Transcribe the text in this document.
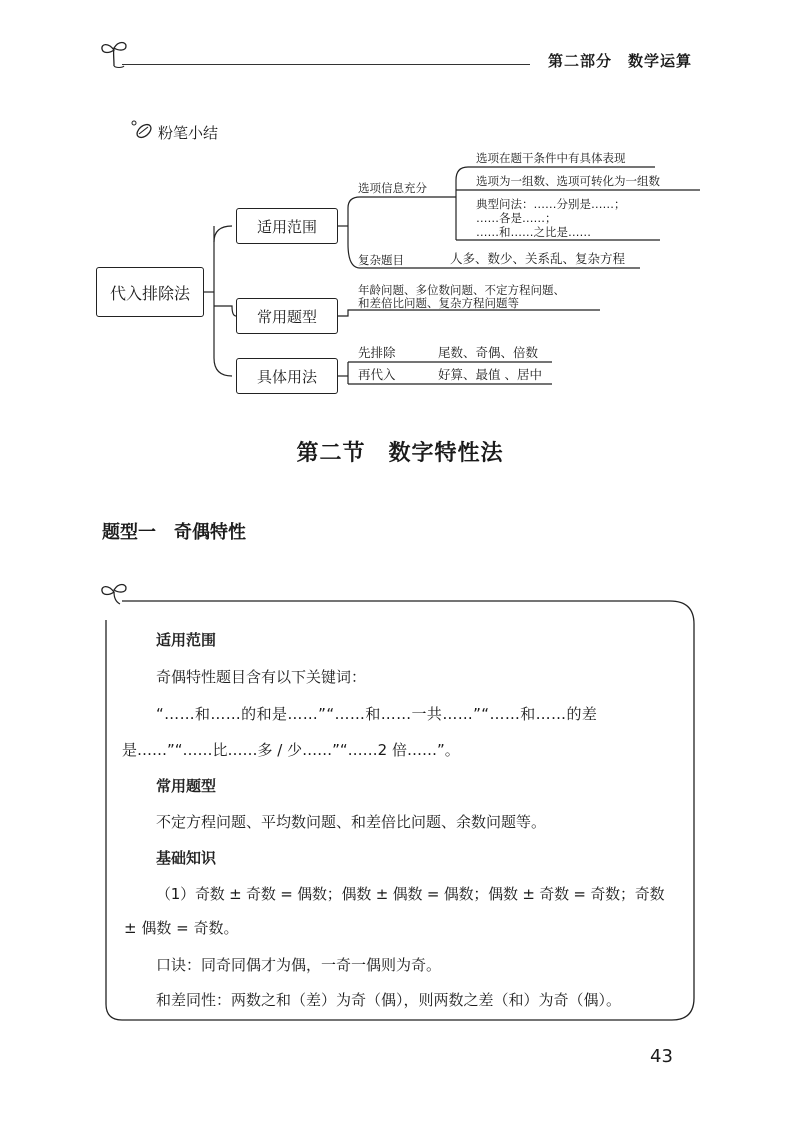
第二部分　数学运算
粉笔小结
代入排除法
适用范围
常用题型
具体用法
选项信息充分
选项在题干条件中有具体表现
选项为一组数、选项可转化为一组数
典型问法：……分别是……；
……各是……；
……和……之比是……
复杂题目	人多、数少、关系乱、复杂方程
年龄问题、多位数问题、不定方程问题、
和差倍比问题、复杂方程问题等
先排除	尾数、奇偶、倍数
再代入	好算、最值 、居中
第二节　数字特性法
题型一　奇偶特性
适用范围
奇偶特性题目含有以下关键词：
“……和……的和是……”“……和……一共……”“……和……的差
是……”“……比……多 / 少……”“……2 倍……”。
常用题型
不定方程问题、平均数问题、和差倍比问题、余数问题等。
基础知识
（1）奇数 ± 奇数 = 偶数；偶数 ± 偶数 = 偶数；偶数 ± 奇数 = 奇数；奇数
± 偶数 = 奇数。
口诀：同奇同偶才为偶，一奇一偶则为奇。
和差同性：两数之和（差）为奇（偶），则两数之差（和）为奇（偶）。
43
